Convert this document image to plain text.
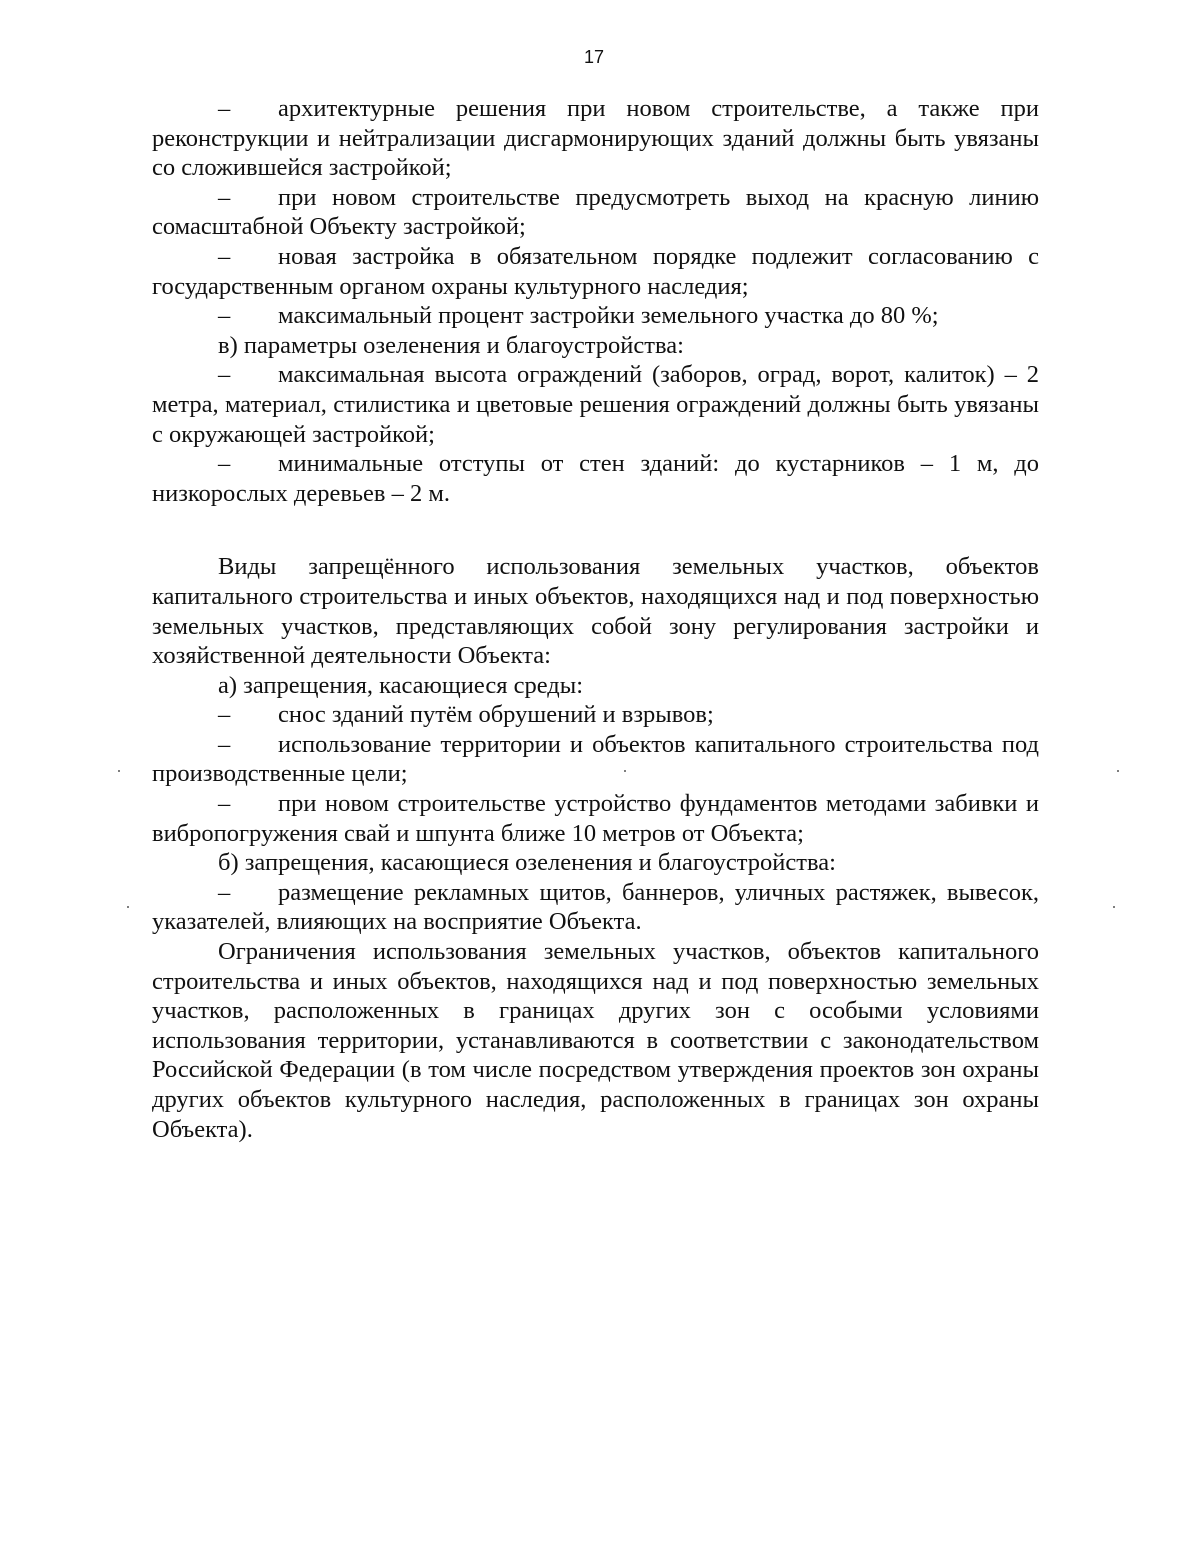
17

– архитектурные решения при новом строительстве, а также при реконструкции и нейтрализации дисгармонирующих зданий должны быть увязаны со сложившейся застройкой;

– при новом строительстве предусмотреть выход на красную линию сомасштабной Объекту застройкой;

– новая застройка в обязательном порядке подлежит согласованию с государственным органом охраны культурного наследия;

– максимальный процент застройки земельного участка до 80 %;

в) параметры озеленения и благоустройства:

– максимальная высота ограждений (заборов, оград, ворот, калиток) – 2 метра, материал, стилистика и цветовые решения ограждений должны быть увязаны с окружающей застройкой;

– минимальные отступы от стен зданий: до кустарников – 1 м, до низкорослых деревьев – 2 м.

Виды запрещённого использования земельных участков, объектов капитального строительства и иных объектов, находящихся над и под поверхностью земельных участков, представляющих собой зону регулирования застройки и хозяйственной деятельности Объекта:

а) запрещения, касающиеся среды:

– снос зданий путём обрушений и взрывов;

– использование территории и объектов капитального строительства под производственные цели;

– при новом строительстве устройство фундаментов методами забивки и вибропогружения свай и шпунта ближе 10 метров от Объекта;

б) запрещения, касающиеся озеленения и благоустройства:

– размещение рекламных щитов, баннеров, уличных растяжек, вывесок, указателей, влияющих на восприятие Объекта.

Ограничения использования земельных участков, объектов капитального строительства и иных объектов, находящихся над и под поверхностью земельных участков, расположенных в границах других зон с особыми условиями использования территории, устанавливаются в соответствии с законодательством Российской Федерации (в том числе посредством утверждения проектов зон охраны других объектов культурного наследия, расположенных в границах зон охраны Объекта).
